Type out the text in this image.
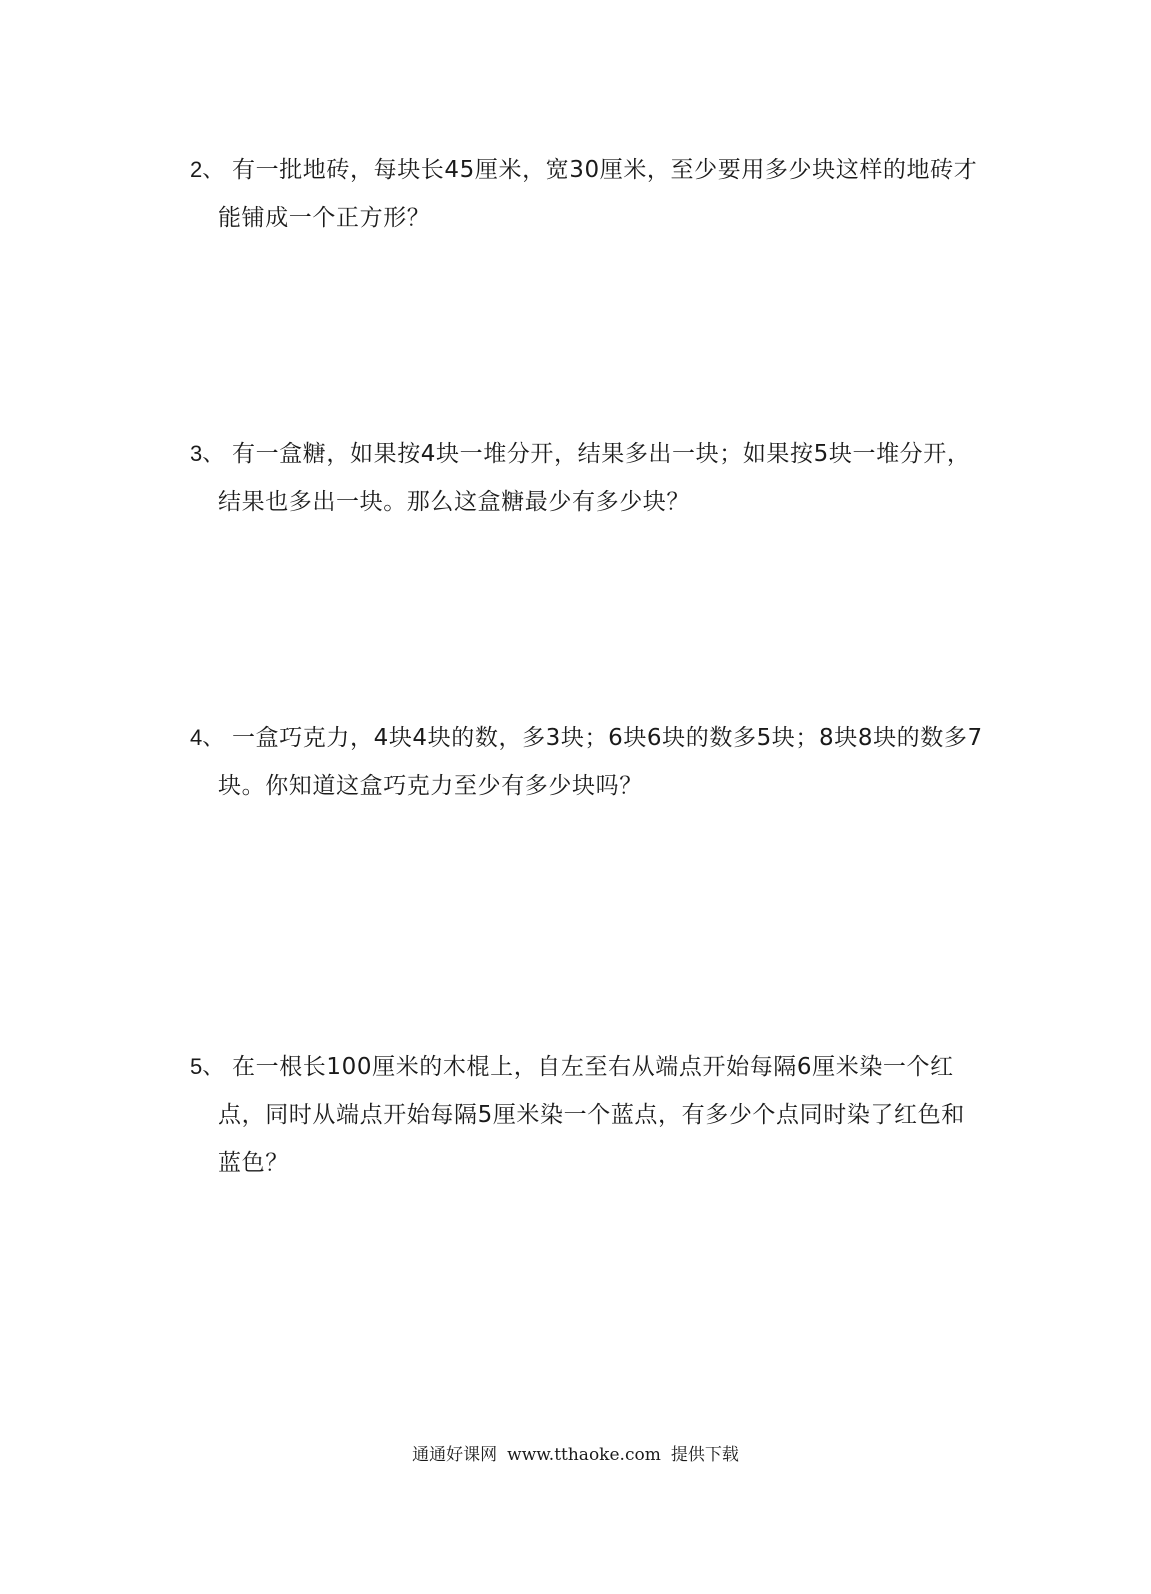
2、 有一批地砖，每块长45厘米，宽30厘米，至少要用多少块这样的地砖才
能铺成一个正方形？
3、 有一盒糖，如果按4块一堆分开，结果多出一块；如果按5块一堆分开，
结果也多出一块。那么这盒糖最少有多少块？
4、 一盒巧克力，4块4块的数，多3块；6块6块的数多5块；8块8块的数多7
块。你知道这盒巧克力至少有多少块吗？
5、 在一根长100厘米的木棍上，自左至右从端点开始每隔6厘米染一个红
点，同时从端点开始每隔5厘米染一个蓝点，有多少个点同时染了红色和
蓝色？
通通好课网 www.tthaoke.com 提供下载
